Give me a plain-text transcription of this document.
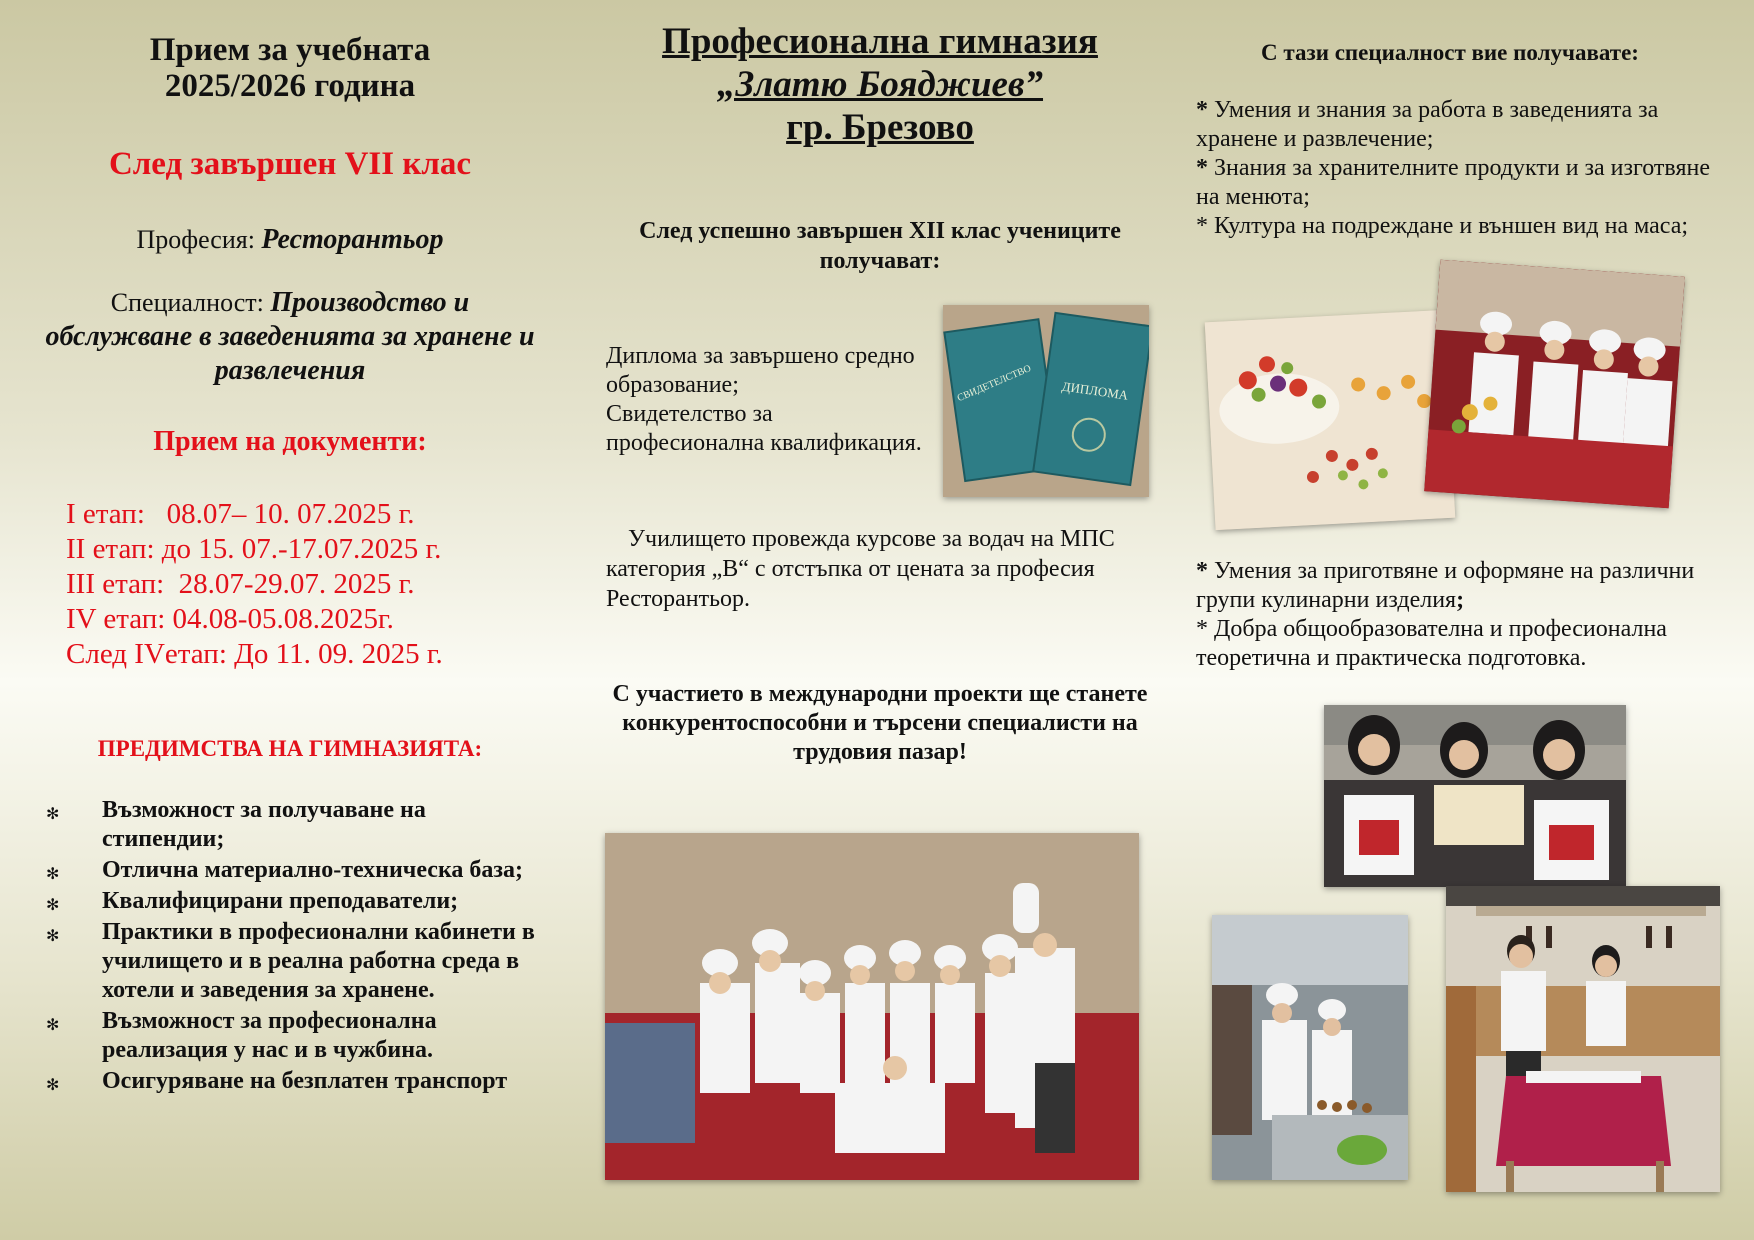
Прием за учебната
2025/2026 година
След завършен VII клас
Професия: Ресторантьор
Специалност: Производство и обслужване в заведенията за хранене и развлечения
Прием на документи:
I етап:   08.07– 10. 07.2025 г.
II етап: до 15. 07.-17.07.2025 г.
III етап:  28.07-29.07. 2025 г.
IV етап: 04.08-05.08.2025г.
След IVетап: До 11. 09. 2025 г.
ПРЕДИМСТВА НА ГИМНАЗИЯТА:
✻ Възможност за получаване на стипендии;
✻ Отлична материално-техническа база;
✻ Квалифицирани преподаватели;
✻ Практики в професионални кабинети в училището и в реална работна среда в хотели и заведения за хранене.
✻ Възможност за професионална реализация у нас и в чужбина.
✻ Осигуряване на безплатен транспорт
Професионална гимназия
„Златю Бояджиев”
гр. Брезово
След успешно завършен XII клас учениците получават:
Диплома за завършено средно образование;
Свидетелство за професионална квалификация.
СВИДЕТЕЛСТВО ДИПЛОМА
Училището провежда курсове за водач на МПС категория „В“ с отстъпка от цената за професия Ресторантьор.
С участието в международни проекти ще станете конкурентоспособни и търсени специалисти на трудовия пазар!
С тази специалност вие получавате:
* Умения и знания за работа в заведенията за хранене и развлечение;
* Знания за хранителните продукти и за изготвяне на менюта;
* Култура на подреждане и външен вид на маса;
* Умения за приготвяне и оформяне на различни групи кулинарни изделия;
* Добра общообразователна и професионална теоретична и практическа подготовка.
